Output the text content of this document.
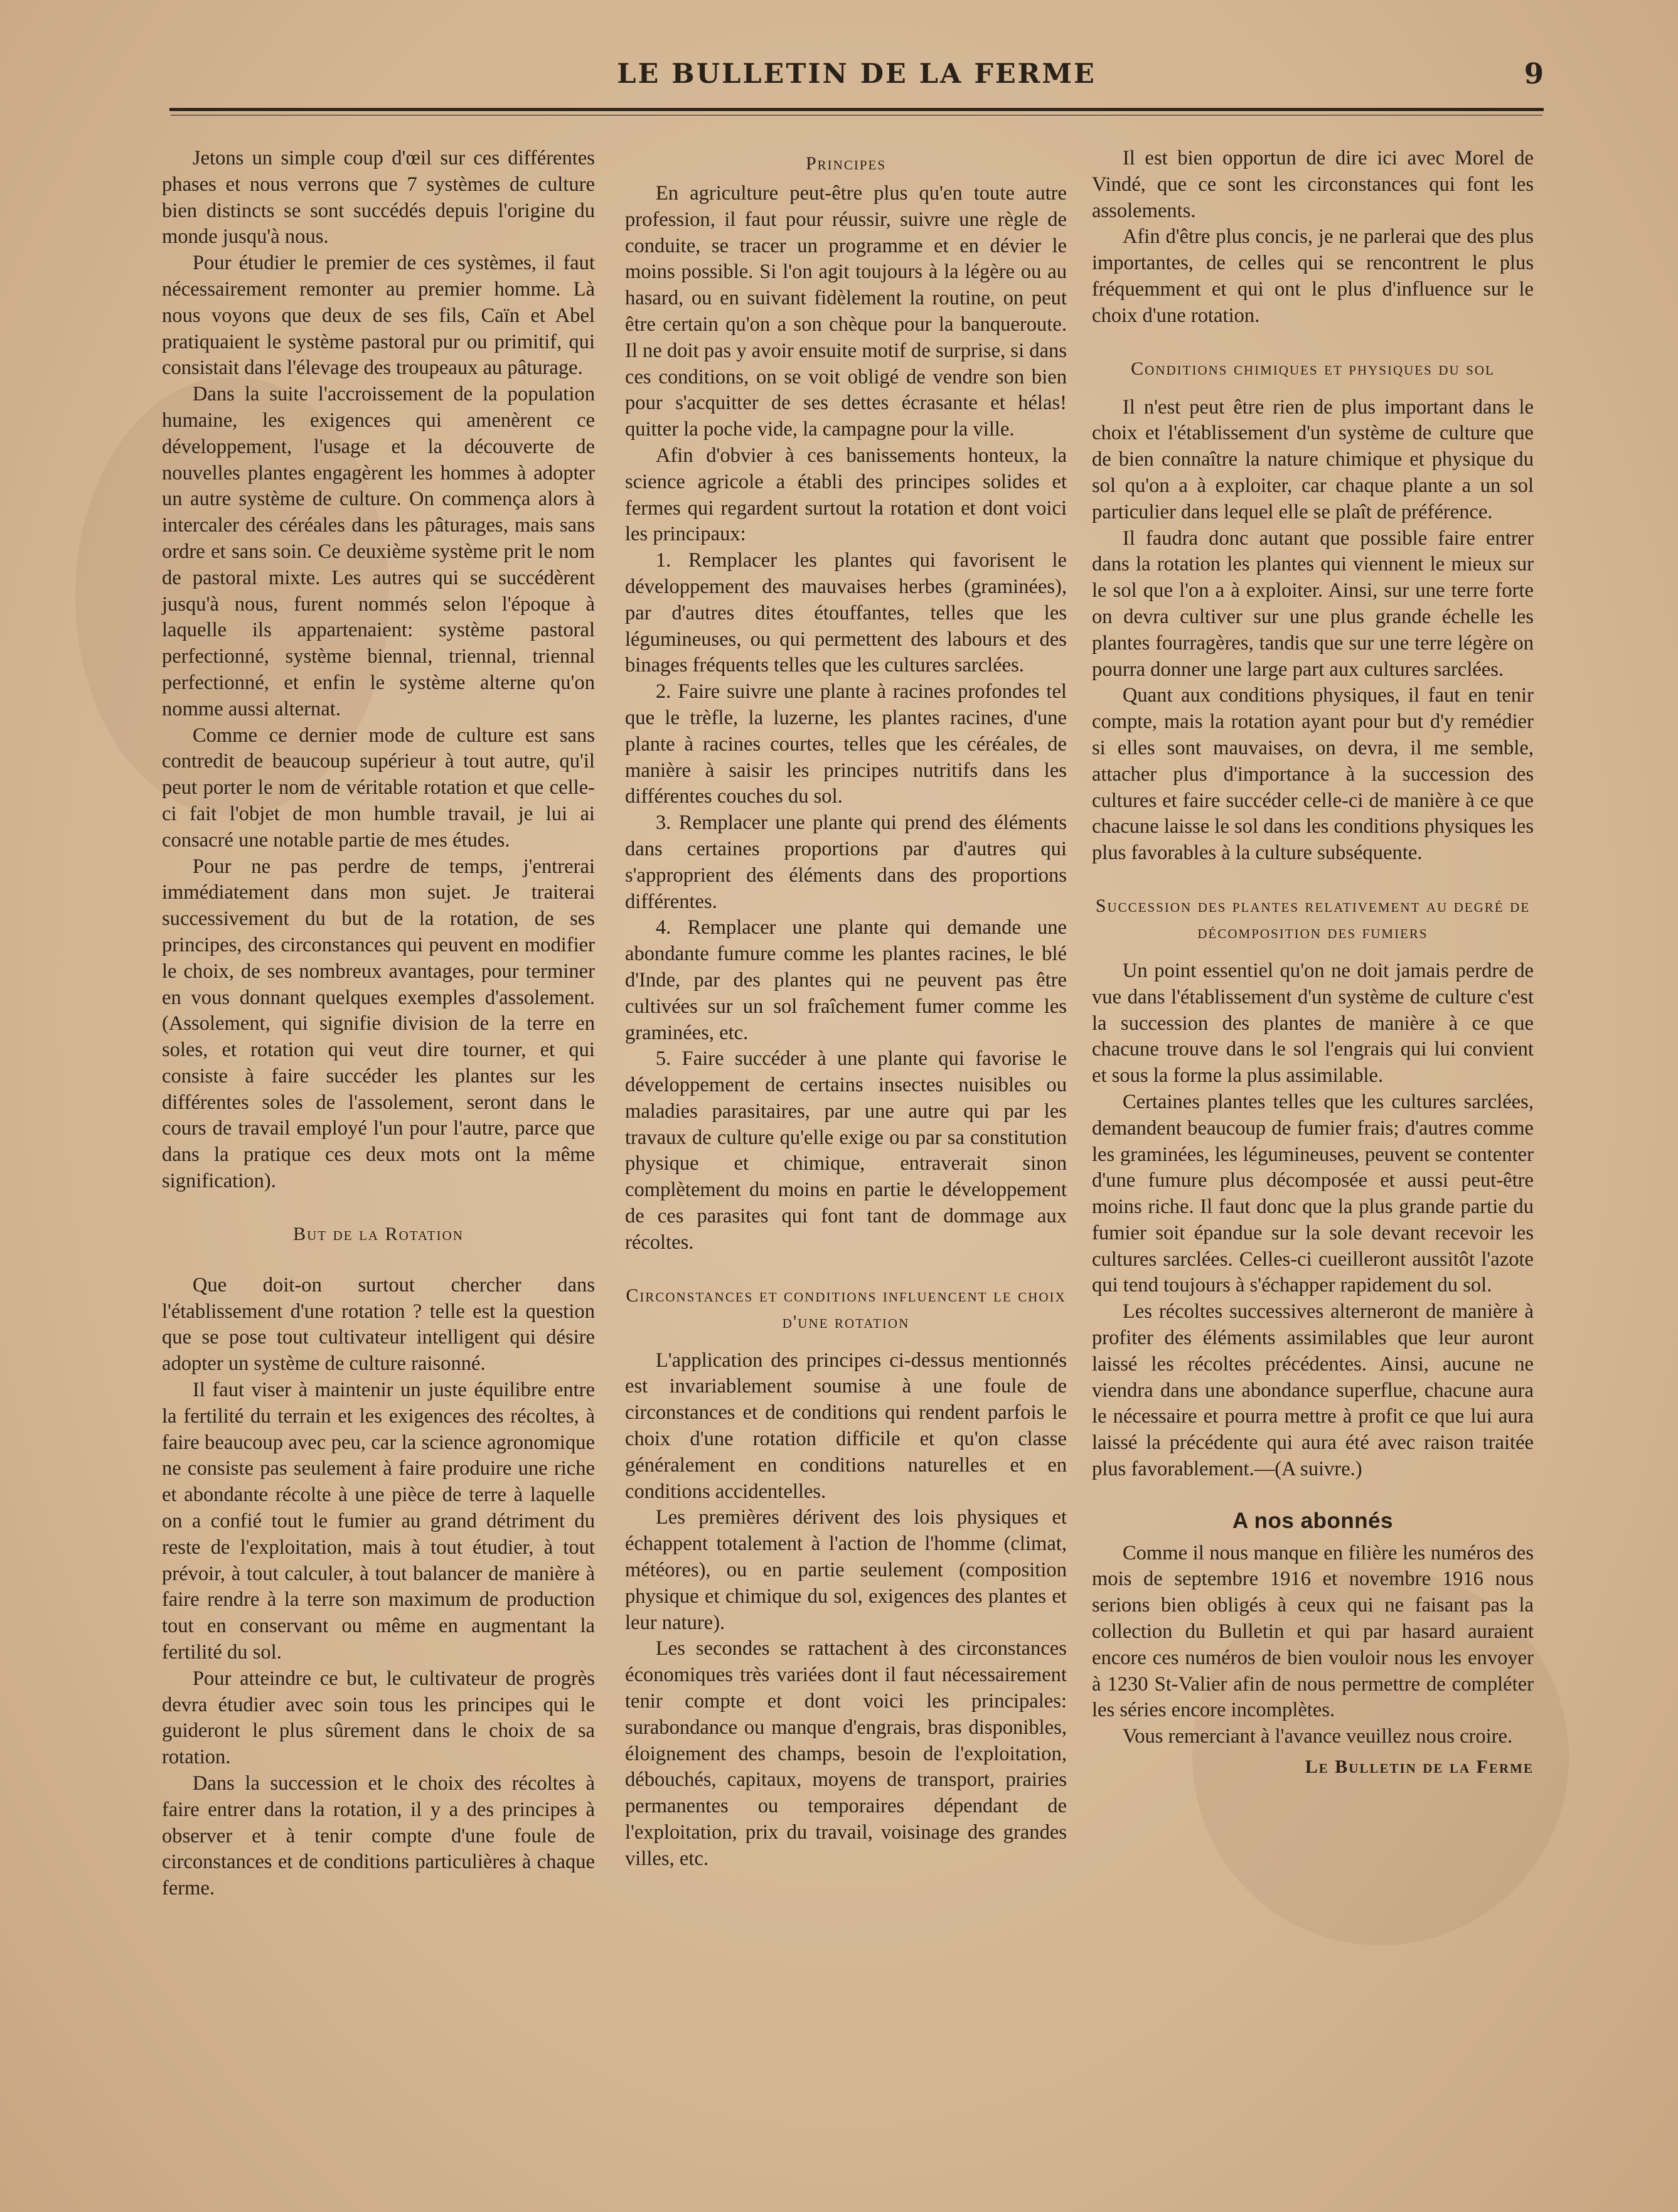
LE BULLETIN DE LA FERME	9

Jetons un simple coup d'œil sur ces différentes phases et nous verrons que 7 systèmes de culture bien distincts se sont succédés depuis l'origine du monde jusqu'à nous.

Pour étudier le premier de ces systèmes, il faut nécessairement remonter au premier homme. Là nous voyons que deux de ses fils, Caïn et Abel pratiquaient le système pastoral pur ou primitif, qui consistait dans l'élevage des troupeaux au pâturage.

Dans la suite l'accroissement de la population humaine, les exigences qui amenèrent ce développement, l'usage et la découverte de nouvelles plantes engagèrent les hommes à adopter un autre système de culture. On commença alors à intercaler des céréales dans les pâturages, mais sans ordre et sans soin. Ce deuxième système prit le nom de pastoral mixte. Les autres qui se succédèrent jusqu'à nous, furent nommés selon l'époque à laquelle ils appartenaient: système pastoral perfectionné, système biennal, triennal, triennal perfectionné, et enfin le système alterne qu'on nomme aussi alternat.

Comme ce dernier mode de culture est sans contredit de beaucoup supérieur à tout autre, qu'il peut porter le nom de véritable rotation et que celle-ci fait l'objet de mon humble travail, je lui ai consacré une notable partie de mes études.

Pour ne pas perdre de temps, j'entrerai immédiatement dans mon sujet. Je traiterai successivement du but de la rotation, de ses principes, des circonstances qui peuvent en modifier le choix, de ses nombreux avantages, pour terminer en vous donnant quelques exemples d'assolement. (Assolement, qui signifie division de la terre en soles, et rotation qui veut dire tourner, et qui consiste à faire succéder les plantes sur les différentes soles de l'assolement, seront dans le cours de travail employé l'un pour l'autre, parce que dans la pratique ces deux mots ont la même signification).

But de la Rotation

Que doit-on surtout chercher dans l'établissement d'une rotation ? telle est la question que se pose tout cultivateur intelligent qui désire adopter un système de culture raisonné.

Il faut viser à maintenir un juste équilibre entre la fertilité du terrain et les exigences des récoltes, à faire beaucoup avec peu, car la science agronomique ne consiste pas seulement à faire produire une riche et abondante récolte à une pièce de terre à laquelle on a confié tout le fumier au grand détriment du reste de l'exploitation, mais à tout étudier, à tout prévoir, à tout calculer, à tout balancer de manière à faire rendre à la terre son maximum de production tout en conservant ou même en augmentant la fertilité du sol.

Pour atteindre ce but, le cultivateur de progrès devra étudier avec soin tous les principes qui le guideront le plus sûrement dans le choix de sa rotation.

Dans la succession et le choix des récoltes à faire entrer dans la rotation, il y a des principes à observer et à tenir compte d'une foule de circonstances et de conditions particulières à chaque ferme.

Principes

En agriculture peut-être plus qu'en toute autre profession, il faut pour réussir, suivre une règle de conduite, se tracer un programme et en dévier le moins possible. Si l'on agit toujours à la légère ou au hasard, ou en suivant fidèlement la routine, on peut être certain qu'on a son chèque pour la banqueroute. Il ne doit pas y avoir ensuite motif de surprise, si dans ces conditions, on se voit obligé de vendre son bien pour s'acquitter de ses dettes écrasante et hélas! quitter la poche vide, la campagne pour la ville.

Afin d'obvier à ces banissements honteux, la science agricole a établi des principes solides et fermes qui regardent surtout la rotation et dont voici les principaux:

1. Remplacer les plantes qui favorisent le développement des mauvaises herbes (graminées), par d'autres dites étouffantes, telles que les légumineuses, ou qui permettent des labours et des binages fréquents telles que les cultures sarclées.

2. Faire suivre une plante à racines profondes tel que le trèfle, la luzerne, les plantes racines, d'une plante à racines courtes, telles que les céréales, de manière à saisir les principes nutritifs dans les différentes couches du sol.

3. Remplacer une plante qui prend des éléments dans certaines proportions par d'autres qui s'approprient des éléments dans des proportions différentes.

4. Remplacer une plante qui demande une abondante fumure comme les plantes racines, le blé d'Inde, par des plantes qui ne peuvent pas être cultivées sur un sol fraîchement fumer comme les graminées, etc.

5. Faire succéder à une plante qui favorise le développement de certains insectes nuisibles ou maladies parasitaires, par une autre qui par les travaux de culture qu'elle exige ou par sa constitution physique et chimique, entraverait sinon complètement du moins en partie le développement de ces parasites qui font tant de dommage aux récoltes.

Circonstances et conditions influencent le choix d'une rotation

L'application des principes ci-dessus mentionnés est invariablement soumise à une foule de circonstances et de conditions qui rendent parfois le choix d'une rotation difficile et qu'on classe généralement en conditions naturelles et en conditions accidentelles.

Les premières dérivent des lois physiques et échappent totalement à l'action de l'homme (climat, météores), ou en partie seulement (composition physique et chimique du sol, exigences des plantes et leur nature).

Les secondes se rattachent à des circonstances économiques très variées dont il faut nécessairement tenir compte et dont voici les principales: surabondance ou manque d'engrais, bras disponibles, éloignement des champs, besoin de l'exploitation, débouchés, capitaux, moyens de transport, prairies permanentes ou temporaires dépendant de l'exploitation, prix du travail, voisinage des grandes villes, etc.

Il est bien opportun de dire ici avec Morel de Vindé, que ce sont les circonstances qui font les assolements.

Afin d'être plus concis, je ne parlerai que des plus importantes, de celles qui se rencontrent le plus fréquemment et qui ont le plus d'influence sur le choix d'une rotation.

Conditions chimiques et physiques du sol

Il n'est peut être rien de plus important dans le choix et l'établissement d'un système de culture que de bien connaître la nature chimique et physique du sol qu'on a à exploiter, car chaque plante a un sol particulier dans lequel elle se plaît de préférence.

Il faudra donc autant que possible faire entrer dans la rotation les plantes qui viennent le mieux sur le sol que l'on a à exploiter. Ainsi, sur une terre forte on devra cultiver sur une plus grande échelle les plantes fourragères, tandis que sur une terre légère on pourra donner une large part aux cultures sarclées.

Quant aux conditions physiques, il faut en tenir compte, mais la rotation ayant pour but d'y remédier si elles sont mauvaises, on devra, il me semble, attacher plus d'importance à la succession des cultures et faire succéder celle-ci de manière à ce que chacune laisse le sol dans les conditions physiques les plus favorables à la culture subséquente.

Succession des plantes relativement au degré de décomposition des fumiers

Un point essentiel qu'on ne doit jamais perdre de vue dans l'établissement d'un système de culture c'est la succession des plantes de manière à ce que chacune trouve dans le sol l'engrais qui lui convient et sous la forme la plus assimilable.

Certaines plantes telles que les cultures sarclées, demandent beaucoup de fumier frais; d'autres comme les graminées, les légumineuses, peuvent se contenter d'une fumure plus décomposée et aussi peut-être moins riche. Il faut donc que la plus grande partie du fumier soit épandue sur la sole devant recevoir les cultures sarclées. Celles-ci cueilleront aussitôt l'azote qui tend toujours à s'échapper rapidement du sol.

Les récoltes successives alterneront de manière à profiter des éléments assimilables que leur auront laissé les récoltes précédentes. Ainsi, aucune ne viendra dans une abondance superflue, chacune aura le nécessaire et pourra mettre à profit ce que lui aura laissé la précédente qui aura été avec raison traitée plus favorablement.—(A suivre.)

A nos abonnés

Comme il nous manque en filière les numéros des mois de septembre 1916 et novembre 1916 nous serions bien obligés à ceux qui ne faisant pas la collection du Bulletin et qui par hasard auraient encore ces numéros de bien vouloir nous les envoyer à 1230 St-Valier afin de nous permettre de compléter les séries encore incomplètes.

Vous remerciant à l'avance veuillez nous croire.

Le Bulletin de la Ferme
